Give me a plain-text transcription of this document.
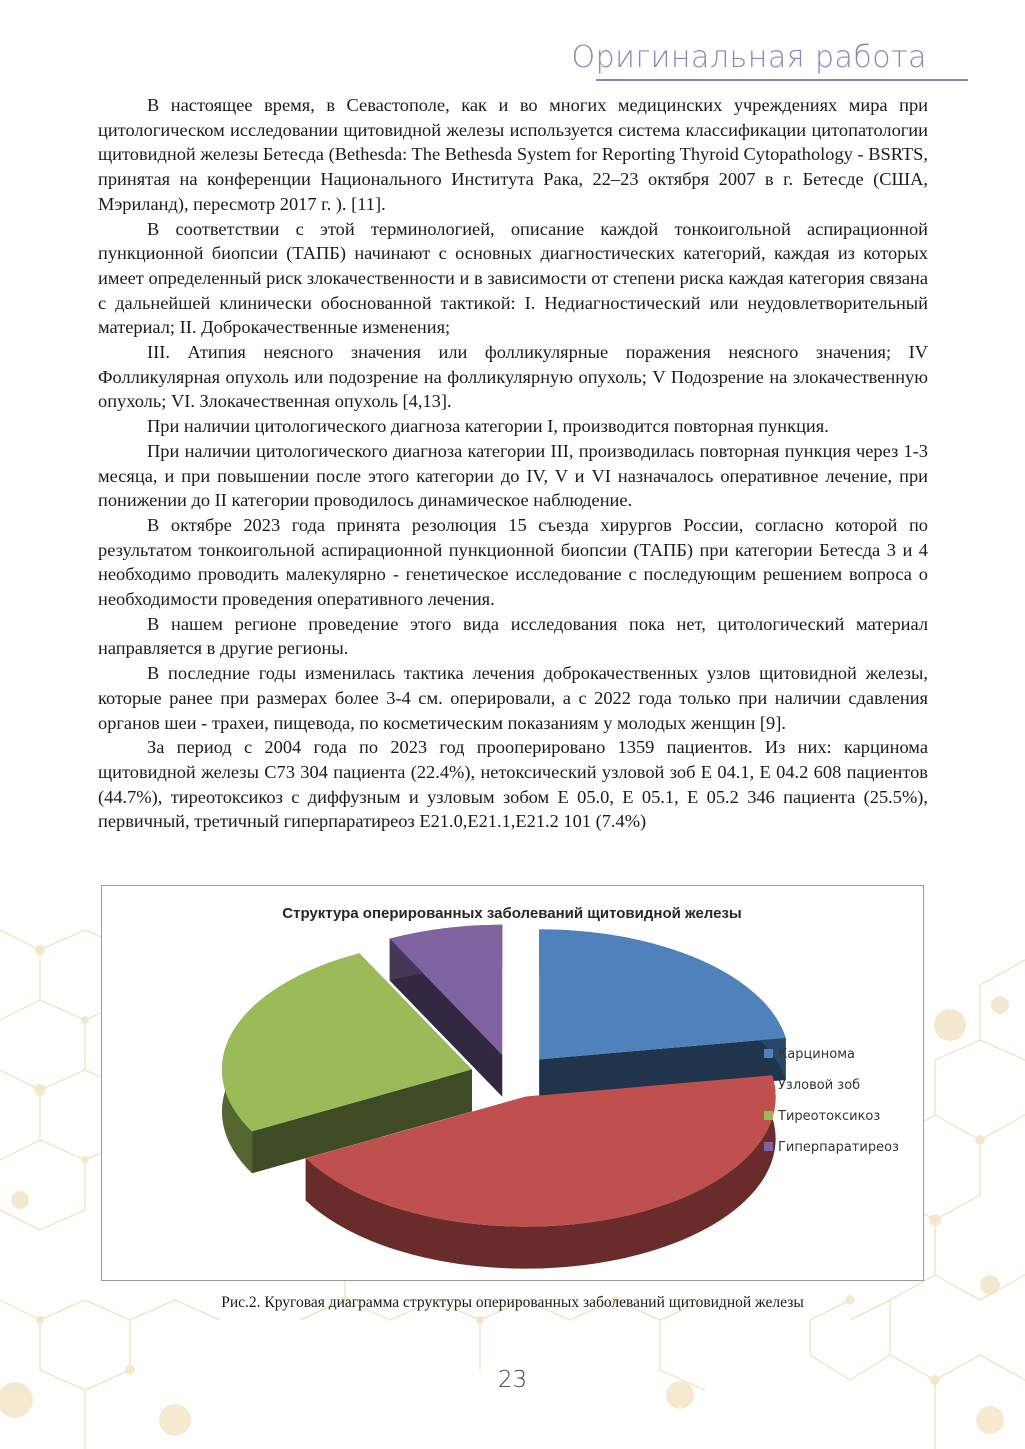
Оригинальная работа

В настоящее время, в Севастополе, как и во многих медицинских учреждениях мира при цитологическом исследовании щитовидной железы используется система классификации цитопатологии щитовидной железы Бетесда (Bethesda: The Bethesda System for Reporting Thyroid Cytopathology - BSRTS, принятая на конференции Национального Института Рака, 22–23 октября 2007 в г. Бетесде (США, Мэриланд), пересмотр 2017 г. ). [11].

В соответствии с этой терминологией, описание каждой тонкоигольной аспирационной пункционной биопсии (ТАПБ) начинают с основных диагностических категорий, каждая из которых имеет определенный риск злокачественности и в зависимости от степени риска каждая категория связана с дальнейшей клинически обоснованной тактикой: I. Недиагностический или неудовлетворительный материал; II. Доброкачественные изменения;

III. Атипия неясного значения или фолликулярные поражения неясного значения; IV Фолликулярная опухоль или подозрение на фолликулярную опухоль; V Подозрение на злокачественную опухоль; VI. Злокачественная опухоль [4,13].

При наличии цитологического диагноза категории I, производится повторная пункция.

При наличии цитологического диагноза категории III, производилась повторная пункция через 1-3 месяца, и при повышении после этого категории до IV, V и VI назначалось оперативное лечение, при понижении до II категории проводилось динамическое наблюдение.

В октябре 2023 года принята резолюция 15 съезда хирургов России, согласно которой по результатом тонкоигольной аспирационной пункционной биопсии (ТАПБ) при категории Бетесда 3 и 4 необходимо проводить малекулярно - генетическое исследование с последующим решением вопроса о необходимости проведения оперативного лечения.

В нашем регионе проведение этого вида исследования пока нет, цитологический материал направляется в другие регионы.

В последние годы изменилась тактика лечения доброкачественных узлов щитовидной железы, которые ранее при размерах более 3-4 см. оперировали, а с 2022 года только при наличии сдавления органов шеи - трахеи, пищевода, по косметическим показаниям у молодых женщин [9].

За период с 2004 года по 2023 год прооперировано 1359 пациентов. Из них: карцинома щитовидной железы C73 304 пациента (22.4%), нетоксический узловой зоб E 04.1, E 04.2 608 пациентов (44.7%), тиреотоксикоз с диффузным и узловым зобом E 05.0, E 05.1, E 05.2 346 пациента (25.5%), первичный, третичный гиперпаратиреоз E21.0,E21.1,E21.2 101 (7.4%)

Структура оперированных заболеваний щитовидной железы
Карцинома
Узловой зоб
Тиреотоксикоз
Гиперпаратиреоз
Рис.2. Круговая диаграмма структуры оперированных заболеваний щитовидной железы
23
